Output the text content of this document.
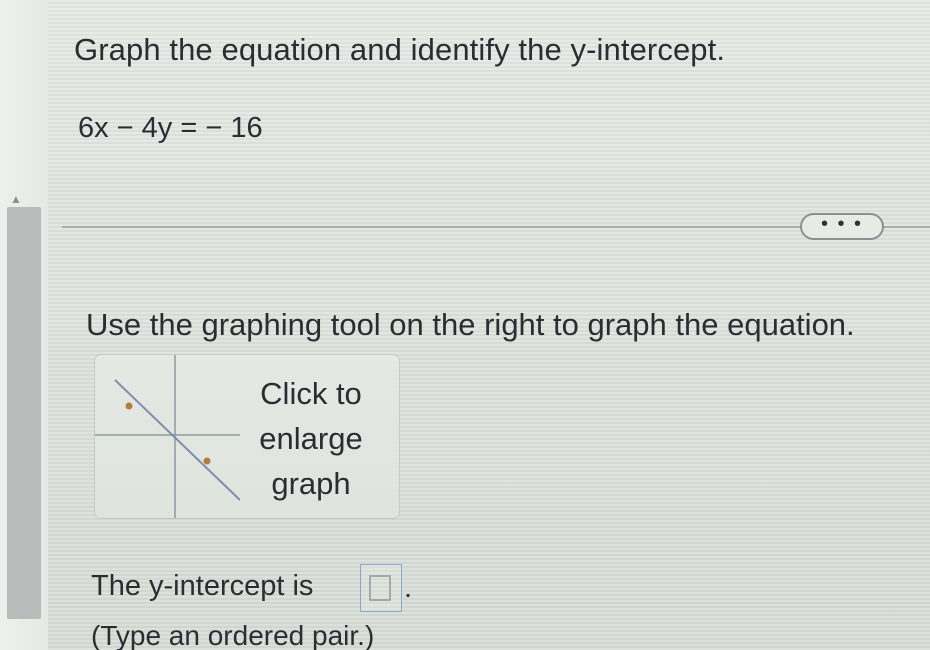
▲
Graph the equation and identify the y-intercept.
6x − 4y = − 16
• • •
Use the graphing tool on the right to graph the equation.
Click to
enlarge
graph
The y-intercept is	.
(Type an ordered pair.)
